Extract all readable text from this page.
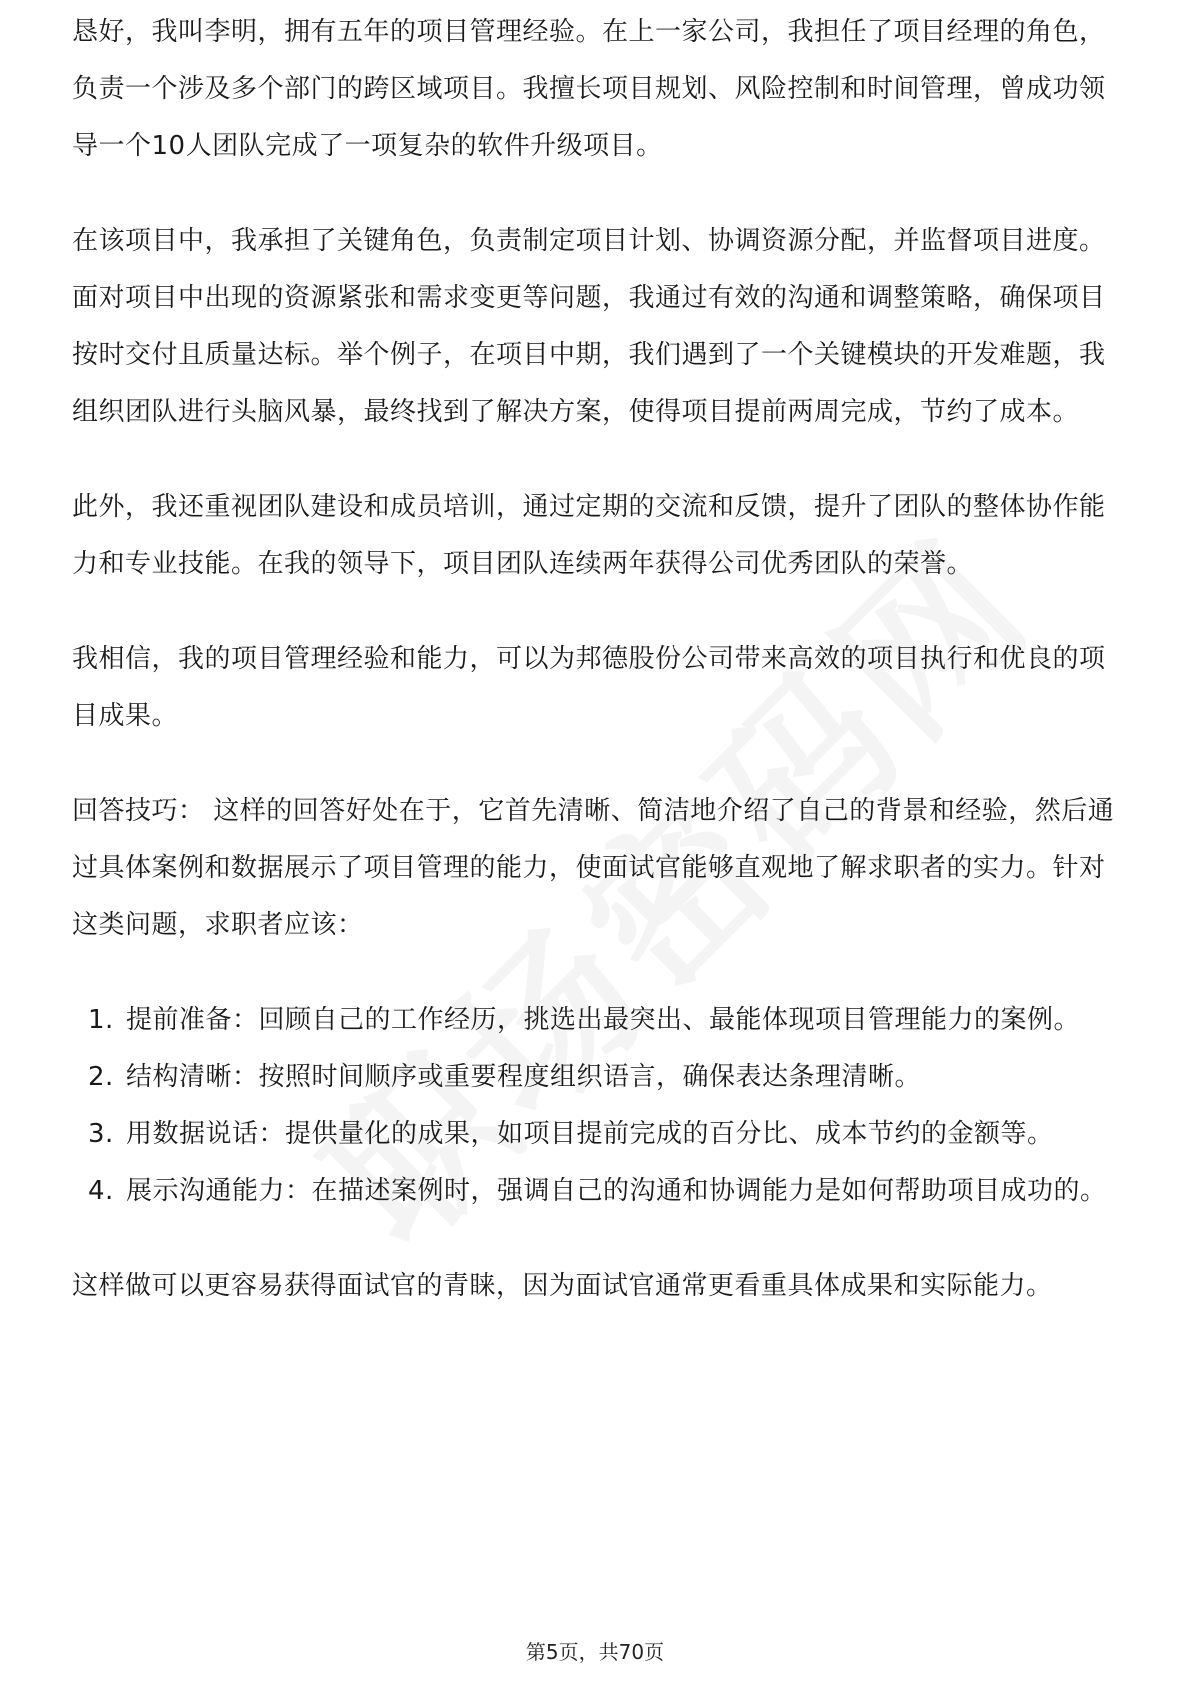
恳好，我叫李明，拥有五年的项目管理经验。在上一家公司，我担任了项目经理的角色，负责一个涉及多个部门的跨区域项目。我擅长项目规划、风险控制和时间管理，曾成功领导一个10人团队完成了一项复杂的软件升级项目。

在该项目中，我承担了关键角色，负责制定项目计划、协调资源分配，并监督项目进度。面对项目中出现的资源紧张和需求变更等问题，我通过有效的沟通和调整策略，确保项目按时交付且质量达标。举个例子，在项目中期，我们遇到了一个关键模块的开发难题，我组织团队进行头脑风暴，最终找到了解决方案，使得项目提前两周完成，节约了成本。

此外，我还重视团队建设和成员培训，通过定期的交流和反馈，提升了团队的整体协作能力和专业技能。在我的领导下，项目团队连续两年获得公司优秀团队的荣誉。

我相信，我的项目管理经验和能力，可以为邦德股份公司带来高效的项目执行和优良的项目成果。

回答技巧： 这样的回答好处在于，它首先清晰、简洁地介绍了自己的背景和经验，然后通过具体案例和数据展示了项目管理的能力，使面试官能够直观地了解求职者的实力。针对这类问题，求职者应该：

1. 提前准备：回顾自己的工作经历，挑选出最突出、最能体现项目管理能力的案例。
2. 结构清晰：按照时间顺序或重要程度组织语言，确保表达条理清晰。
3. 用数据说话：提供量化的成果，如项目提前完成的百分比、成本节约的金额等。
4. 展示沟通能力：在描述案例时，强调自己的沟通和协调能力是如何帮助项目成功的。

这样做可以更容易获得面试官的青睐，因为面试官通常更看重具体成果和实际能力。

第5页，共70页
